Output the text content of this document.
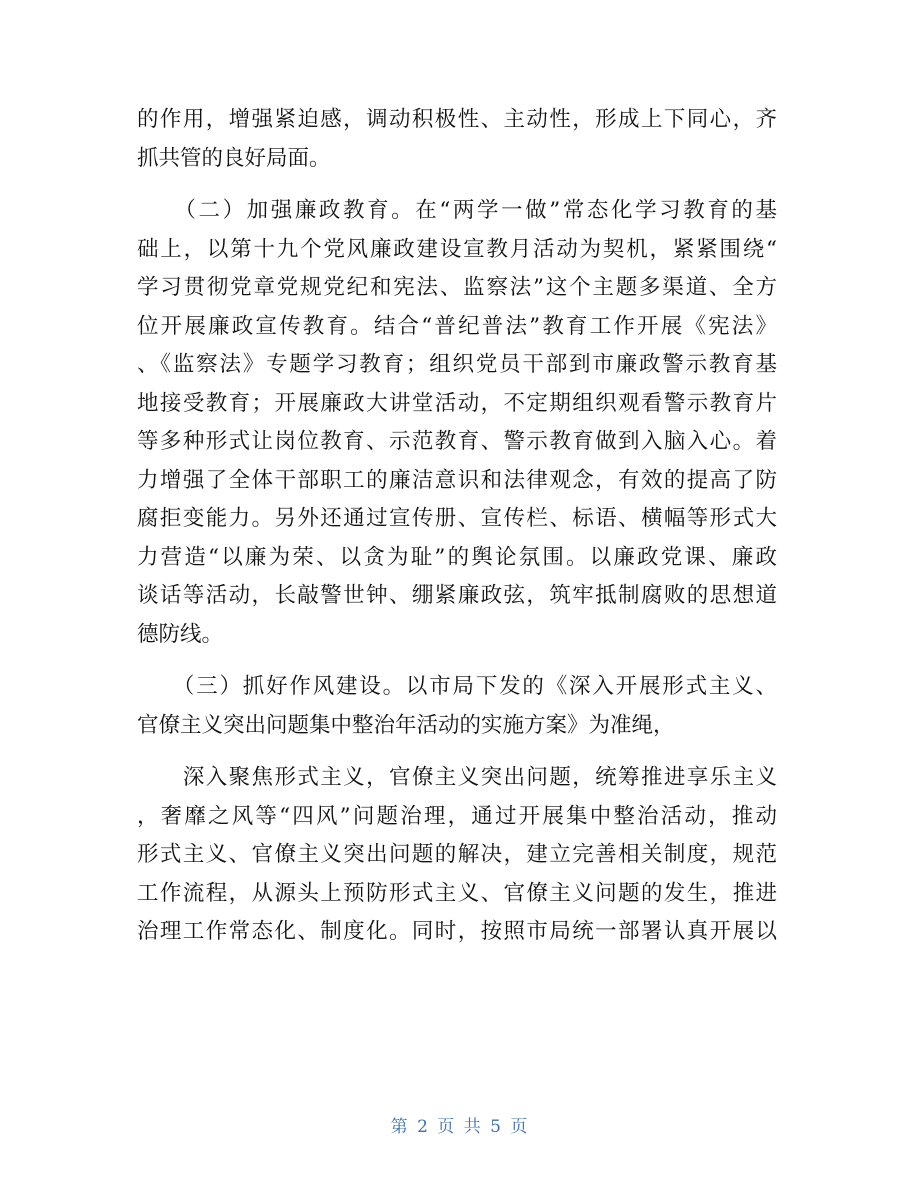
的作用，增强紧迫感，调动积极性、主动性，形成上下同心，齐
抓共管的良好局面。
　　（二）加强廉政教育。在“两学一做”常态化学习教育的基
础上，以第十九个党风廉政建设宣教月活动为契机，紧紧围绕“
学习贯彻党章党规党纪和宪法、监察法”这个主题多渠道、全方
位开展廉政宣传教育。结合“普纪普法”教育工作开展《宪法》
、《监察法》专题学习教育；组织党员干部到市廉政警示教育基
地接受教育；开展廉政大讲堂活动，不定期组织观看警示教育片
等多种形式让岗位教育、示范教育、警示教育做到入脑入心。着
力增强了全体干部职工的廉洁意识和法律观念，有效的提高了防
腐拒变能力。另外还通过宣传册、宣传栏、标语、横幅等形式大
力营造“以廉为荣、以贪为耻”的舆论氛围。以廉政党课、廉政
谈话等活动，长敲警世钟、绷紧廉政弦，筑牢抵制腐败的思想道
德防线。
　　（三）抓好作风建设。以市局下发的《深入开展形式主义、
官僚主义突出问题集中整治年活动的实施方案》为准绳，
　　深入聚焦形式主义，官僚主义突出问题，统筹推进享乐主义
，奢靡之风等“四风”问题治理，通过开展集中整治活动，推动
形式主义、官僚主义突出问题的解决，建立完善相关制度，规范
工作流程，从源头上预防形式主义、官僚主义问题的发生，推进
治理工作常态化、制度化。同时，按照市局统一部署认真开展以
第 2 页 共 5 页
